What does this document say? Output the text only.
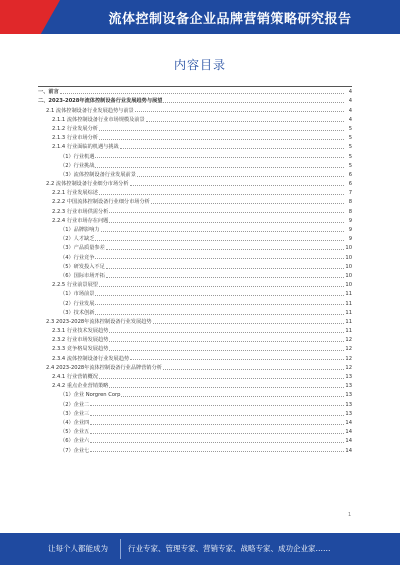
流体控制设备企业品牌营销策略研究报告
内容目录
一、前言	4
二、2023-2028年流体控制设备行业发展趋势与展望	4
2.1 流体控制设备行业发展趋势与前景	4
2.1.1 流体控制设备行业市场规模及前景	4
2.1.2 行业发展分析	5
2.1.3 行业市场分析	5
2.1.4 行业面临的机遇与挑战	5
（1）行业机遇	5
（2）行业挑战	5
（3）流体控制设备行业发展前景	6
2.2 流体控制设备行业细分市场分析	6
2.2.1 行业发展综述	7
2.2.2 中国流体控制设备行业细分市场分析	8
2.2.3 行业市场供需分析	8
2.2.4 行业市场存在问题	9
（1）品牌影响力	9
（2）人才缺乏	9
（3）产品质量参差	10
（4）行业竞争	10
（5）研发投入不足	10
（6）国际市场开拓	10
2.2.5 行业前景展望	10
（1）市场前景	11
（2）行业发展	11
（3）技术创新	11
2.3 2023-2028年流体控制设备行业发展趋势	11
2.3.1 行业技术发展趋势	11
2.3.2 行业市场发展趋势	12
2.3.3 竞争格局发展趋势	12
2.3.4 流体控制设备行业发展趋势	12
2.4 2023-2028年流体控制设备行业品牌营销分析	12
2.4.1 行业营销概况	13
2.4.2 重点企业营销策略	13
（1）企业 Norgren Corp	13
（2）企业二	13
（3）企业三	13
（4）企业四	14
（5）企业五	14
（6）企业六	14
（7）企业七	14
1
让每个人都能成为	行业专家、管理专家、营销专家、战略专家、成功企业家……
